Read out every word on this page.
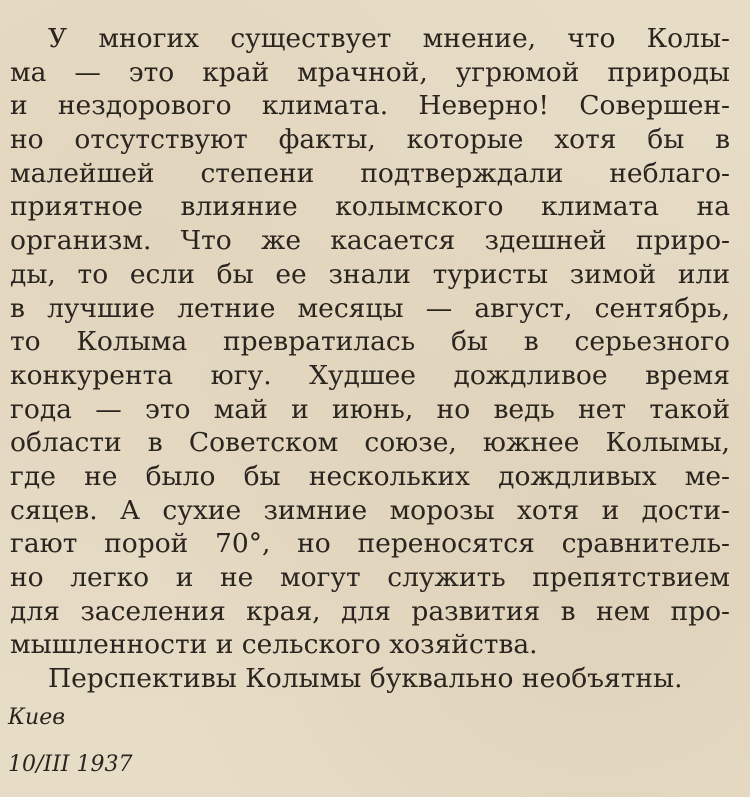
У многих существует мнение, что Колы-
ма — это край мрачной, угрюмой природы
и нездорового климата. Неверно! Совершен-
но отсутствуют факты, которые хотя бы в
малейшей степени подтверждали неблаго-
приятное влияние колымского климата на
организм. Что же касается здешней приро-
ды, то если бы ее знали туристы зимой или
в лучшие летние месяцы — август, сентябрь,
то Колыма превратилась бы в серьезного
конкурента югу. Худшее дождливое время
года — это май и июнь, но ведь нет такой
области в Советском союзе, южнее Колымы,
где не было бы нескольких дождливых ме-
сяцев. А сухие зимние морозы хотя и дости-
гают порой 70°, но переносятся сравнитель-
но легко и не могут служить препятствием
для заселения края, для развития в нем про-
мышленности и сельского хозяйства.
Перспективы Колымы буквально необъятны.
Киев
10/III 1937
